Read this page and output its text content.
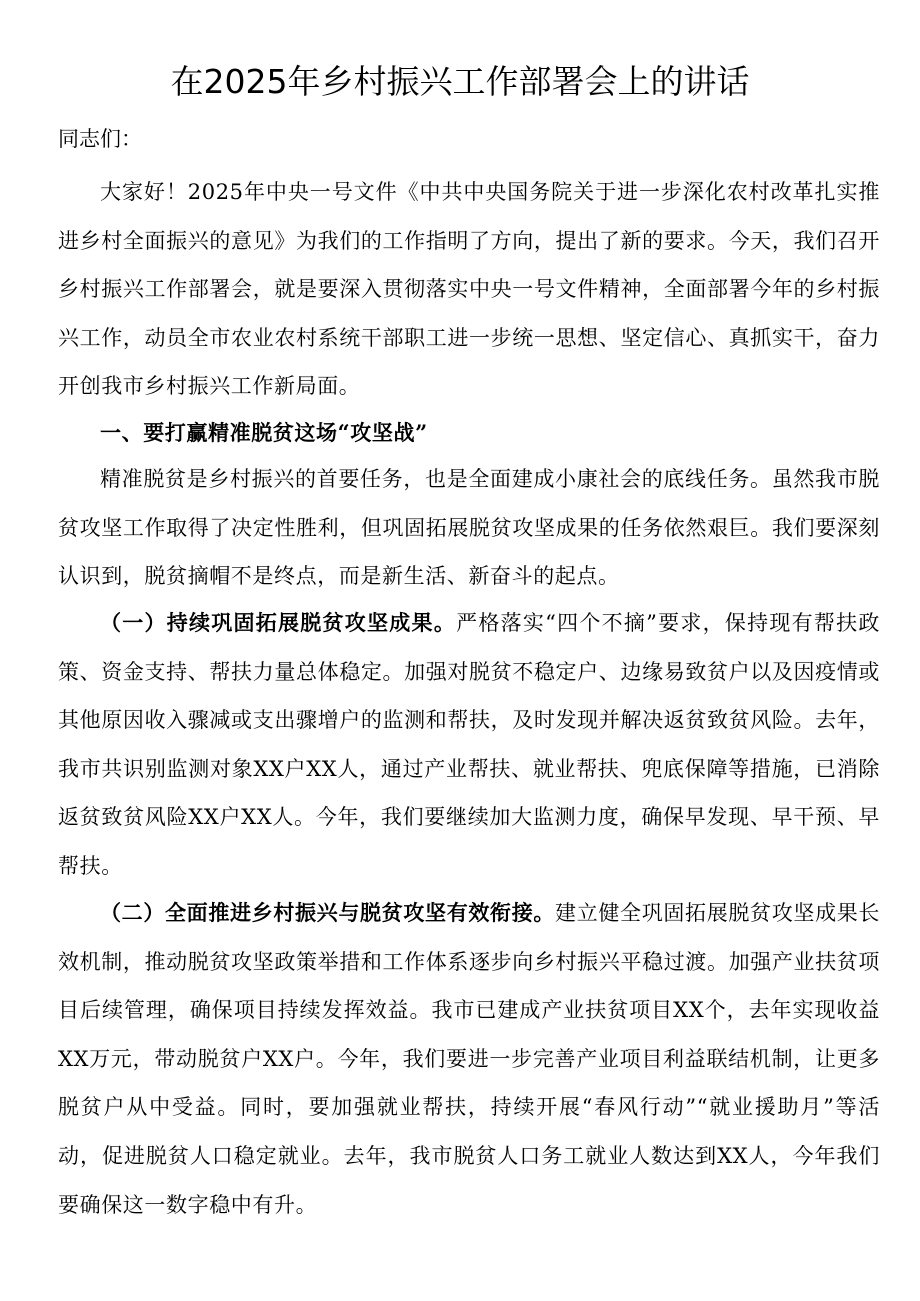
在2025年乡村振兴工作部署会上的讲话

同志们：

大家好！2025年中央一号文件《中共中央国务院关于进一步深化农村改革扎实推进乡村全面振兴的意见》为我们的工作指明了方向，提出了新的要求。今天，我们召开乡村振兴工作部署会，就是要深入贯彻落实中央一号文件精神，全面部署今年的乡村振兴工作，动员全市农业农村系统干部职工进一步统一思想、坚定信心、真抓实干，奋力开创我市乡村振兴工作新局面。

一、要打赢精准脱贫这场“攻坚战”

精准脱贫是乡村振兴的首要任务，也是全面建成小康社会的底线任务。虽然我市脱贫攻坚工作取得了决定性胜利，但巩固拓展脱贫攻坚成果的任务依然艰巨。我们要深刻认识到，脱贫摘帽不是终点，而是新生活、新奋斗的起点。

（一）持续巩固拓展脱贫攻坚成果。严格落实“四个不摘”要求，保持现有帮扶政策、资金支持、帮扶力量总体稳定。加强对脱贫不稳定户、边缘易致贫户以及因疫情或其他原因收入骤减或支出骤增户的监测和帮扶，及时发现并解决返贫致贫风险。去年，我市共识别监测对象XX户XX人，通过产业帮扶、就业帮扶、兜底保障等措施，已消除返贫致贫风险XX户XX人。今年，我们要继续加大监测力度，确保早发现、早干预、早帮扶。

（二）全面推进乡村振兴与脱贫攻坚有效衔接。建立健全巩固拓展脱贫攻坚成果长效机制，推动脱贫攻坚政策举措和工作体系逐步向乡村振兴平稳过渡。加强产业扶贫项目后续管理，确保项目持续发挥效益。我市已建成产业扶贫项目XX个，去年实现收益XX万元，带动脱贫户XX户。今年，我们要进一步完善产业项目利益联结机制，让更多脱贫户从中受益。同时，要加强就业帮扶，持续开展“春风行动”“就业援助月”等活动，促进脱贫人口稳定就业。去年，我市脱贫人口务工就业人数达到XX人，今年我们要确保这一数字稳中有升。
